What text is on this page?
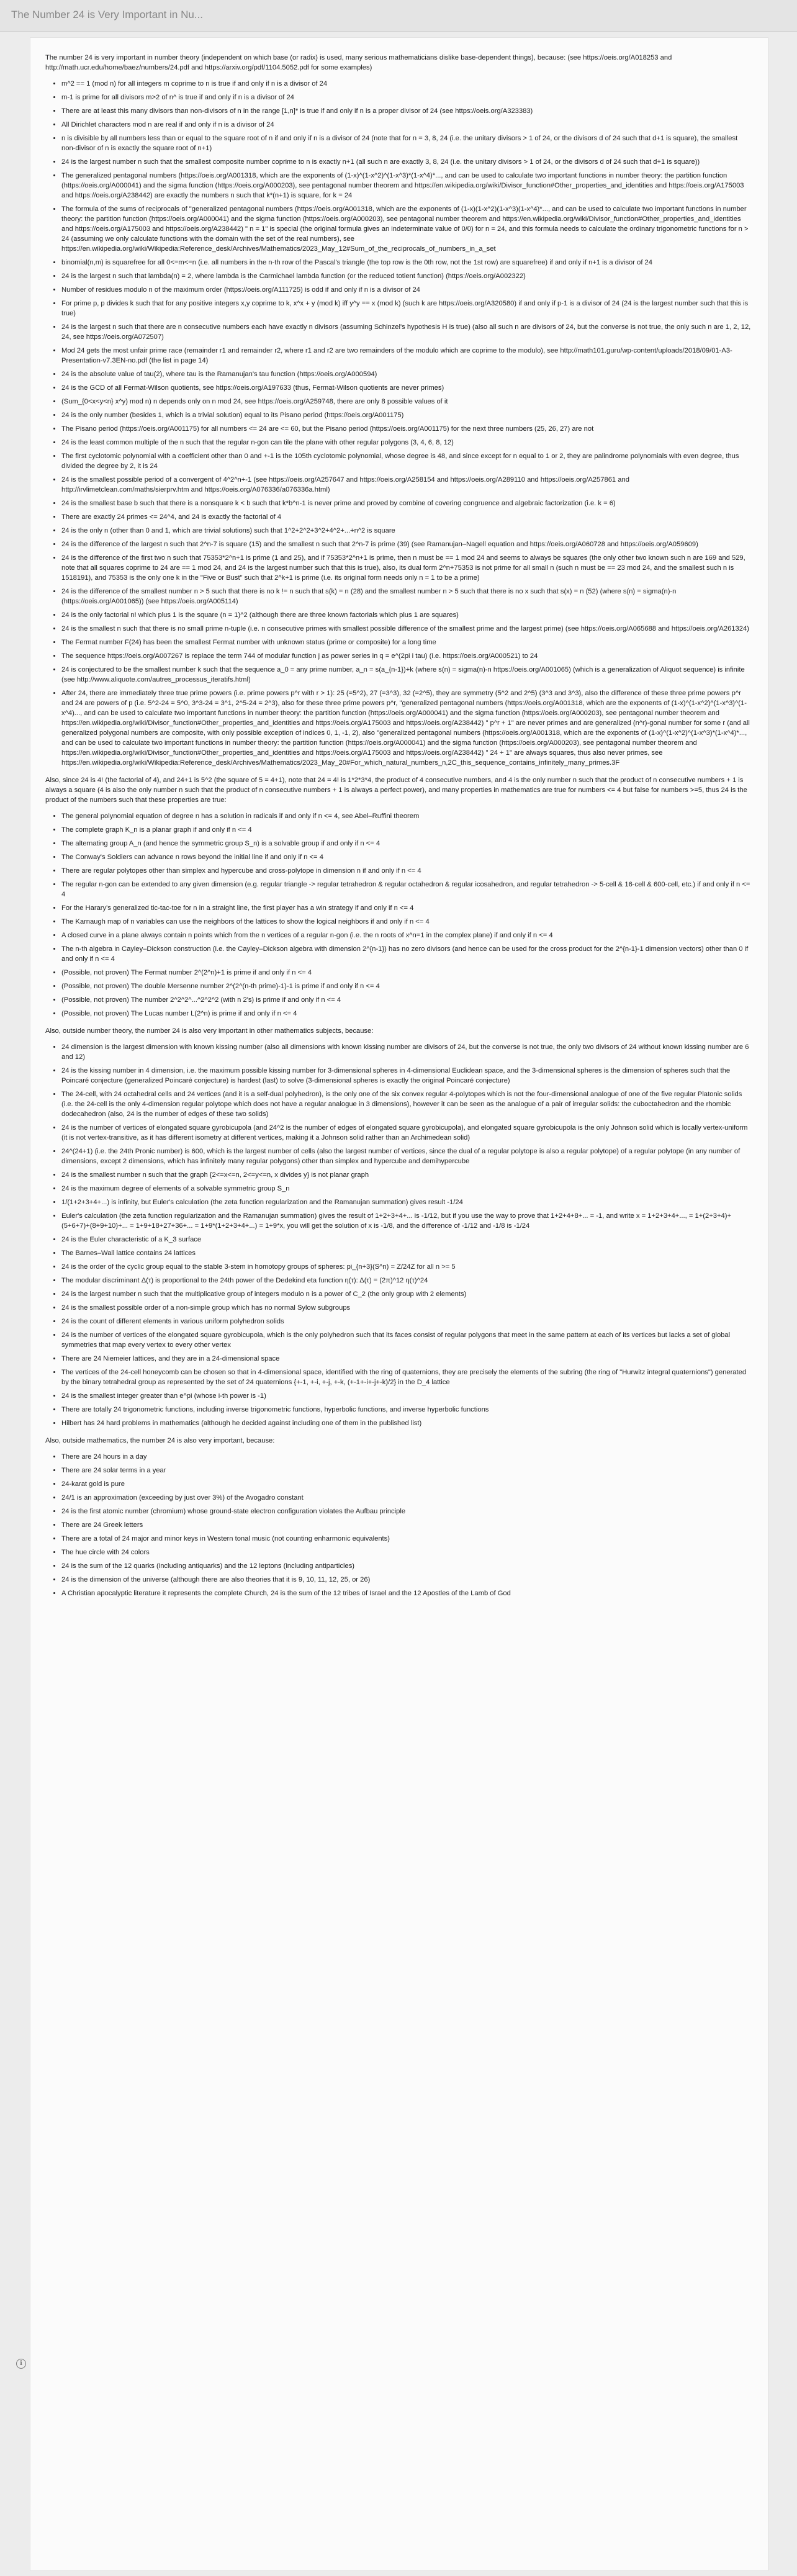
The Number 24 is Very Important in Nu...

The number 24 is very important in number theory (independent on which base (or radix) is used, many serious mathematicians dislike base-dependent things), because: (see https://oeis.org/A018253 and http://math.ucr.edu/home/baez/numbers/24.pdf and https://arxiv.org/pdf/1104.5052.pdf for some examples)

• m^2 == 1 (mod n) for all integers m coprime to n is true if and only if n is a divisor of 24
• m-1 is prime for all divisors m>2 of n^ is true if and only if n is a divisor of 24
• There are at least this many divisors than non-divisors of n in the range [1,n]* is true if and only if n is a proper divisor of 24 (see https://oeis.org/A323383)
• All Dirichlet characters mod n are real if and only if n is a divisor of 24
• n is divisible by all numbers less than or equal to the square root of n if and only if n is a divisor of 24 (note that for n = 3, 8, 24 (i.e. the unitary divisors > 1 of 24, or the divisors d of 24 such that d+1 is square), the smallest non-divisor of n is exactly the square root of n+1)
• 24 is the largest number n such that the smallest composite number coprime to n is exactly n+1 (all such n are exactly 3, 8, 24 (i.e. the unitary divisors > 1 of 24, or the divisors d of 24 such that d+1 is square))
• The generalized pentagonal numbers (https://oeis.org/A001318, which are the exponents of (1-x)^(1-x^2)^(1-x^3)*(1-x^4)*..., and can be used to calculate two important functions in number theory: the partition function (https://oeis.org/A000041) and the sigma function (https://oeis.org/A000203), see pentagonal number theorem and https://en.wikipedia.org/wiki/Divisor_function#Other_properties_and_identities and https://oeis.org/A175003 and https://oeis.org/A238442) are exactly the numbers n such that k*(n+1) is square, for k = 24
• The formula of the sums of reciprocals of "generalized pentagonal numbers (https://oeis.org/A001318, which are the exponents of (1-x)(1-x^2)(1-x^3)(1-x^4)*..., and can be used to calculate two important functions in number theory: the partition function (https://oeis.org/A000041) and the sigma function (https://oeis.org/A000203), see pentagonal number theorem and https://en.wikipedia.org/wiki/Divisor_function#Other_properties_and_identities and https://oeis.org/A175003 and https://oeis.org/A238442) " n = 1" is special (the original formula gives an indeterminate value of 0/0) for n = 24, and this formula needs to calculate the ordinary trigonometric functions for n > 24 (assuming we only calculate functions with the domain with the set of the real numbers), see https://en.wikipedia.org/wiki/Wikipedia:Reference_desk/Archives/Mathematics/2023_May_12#Sum_of_the_reciprocals_of_numbers_in_a_set
• binomial(n,m) is squarefree for all 0<=m<=n (i.e. all numbers in the n-th row of the Pascal's triangle (the top row is the 0th row, not the 1st row) are squarefree) if and only if n+1 is a divisor of 24
• 24 is the largest n such that lambda(n) = 2, where lambda is the Carmichael lambda function (or the reduced totient function) (https://oeis.org/A002322)
• Number of residues modulo n of the maximum order (https://oeis.org/A111725) is odd if and only if n is a divisor of 24
• For prime p, p divides k such that for any positive integers x,y coprime to k, x^x + y (mod k) iff y^y == x (mod k) (such k are https://oeis.org/A320580) if and only if p-1 is a divisor of 24 (24 is the largest number such that this is true)
• 24 is the largest n such that there are n consecutive numbers each have exactly n divisors (assuming Schinzel's hypothesis H is true) (also all such n are divisors of 24, but the converse is not true, the only such n are 1, 2, 12, 24, see https://oeis.org/A072507)
• Mod 24 gets the most unfair prime race (remainder r1 and remainder r2, where r1 and r2 are two remainders of the modulo which are coprime to the modulo), see http://math101.guru/wp-content/uploads/2018/09/01-A3-Presentation-v7.3EN-no.pdf (the list in page 14)
• 24 is the absolute value of tau(2), where tau is the Ramanujan's tau function (https://oeis.org/A000594)
• 24 is the GCD of all Fermat-Wilson quotients, see https://oeis.org/A197633 (thus, Fermat-Wilson quotients are never primes)
• (Sum_{0<x<y<n} x^y) mod n) n depends only on n mod 24, see https://oeis.org/A259748, there are only 8 possible values of it
• 24 is the only number (besides 1, which is a trivial solution) equal to its Pisano period (https://oeis.org/A001175)
• The Pisano period (https://oeis.org/A001175) for all numbers <= 24 are <= 60, but the Pisano period (https://oeis.org/A001175) for the next three numbers (25, 26, 27) are not
• 24 is the least common multiple of the n such that the regular n-gon can tile the plane with other regular polygons (3, 4, 6, 8, 12)
• The first cyclotomic polynomial with a coefficient other than 0 and +-1 is the 105th cyclotomic polynomial, whose degree is 48, and since except for n equal to 1 or 2, they are palindrome polynomials with even degree, thus divided the degree by 2, it is 24
• 24 is the smallest possible period of a convergent of 4^2^n+-1 (see https://oeis.org/A257647 and https://oeis.org/A258154 and https://oeis.org/A289110 and https://oeis.org/A257861 and http://irvlimetclean.com/maths/sierprv.htm and https://oeis.org/A076336/a076336a.html)
• 24 is the smallest base b such that there is a nonsquare k < b such that k*b^n-1 is never prime and proved by combine of covering congruence and algebraic factorization (i.e. k = 6)
• There are exactly 24 primes <= 24^4, and 24 is exactly the factorial of 4
• 24 is the only n (other than 0 and 1, which are trivial solutions) such that 1^2+2^2+3^2+4^2+...+n^2 is square
• 24 is the difference of the largest n such that 2^n-7 is square (15) and the smallest n such that 2^n-7 is prime (39) (see Ramanujan–Nagell equation and https://oeis.org/A060728 and https://oeis.org/A059609)
• 24 is the difference of the first two n such that 75353*2^n+1 is prime (1 and 25), and if 75353*2^n+1 is prime, then n must be == 1 mod 24 and seems to always be squares (the only other two known such n are 169 and 529, note that all squares coprime to 24 are == 1 mod 24, and 24 is the largest number such that this is true), also, its dual form 2^n+75353 is not prime for all small n (such n must be == 23 mod 24, and the smallest such n is 1518191), and 75353 is the only one k in the "Five or Bust" such that 2^k+1 is prime (i.e. its original form needs only n = 1 to be a prime)
• 24 is the difference of the smallest number n > 5 such that there is no k != n such that s(k) = n (28) and the smallest number n > 5 such that there is no x such that s(x) = n (52) (where s(n) = sigma(n)-n (https://oeis.org/A001065)) (see https://oeis.org/A005114)
• 24 is the only factorial n! which plus 1 is the square (n = 1)^2 (although there are three known factorials which plus 1 are squares)
• 24 is the smallest n such that there is no small prime n-tuple (i.e. n consecutive primes with smallest possible difference of the smallest prime and the largest prime) (see https://oeis.org/A065688 and https://oeis.org/A261324)
• The Fermat number F(24) has been the smallest Fermat number with unknown status (prime or composite) for a long time
• The sequence https://oeis.org/A007267 is replace the term 744 of modular function j as power series in q = e^(2pi i tau) (i.e. https://oeis.org/A000521) to 24
• 24 is conjectured to be the smallest number k such that the sequence a_0 = any prime number, a_n = s(a_{n-1})+k (where s(n) = sigma(n)-n https://oeis.org/A001065) (which is a generalization of Aliquot sequence) is infinite (see http://www.aliquote.com/autres_processus_iteratifs.html)
• After 24, there are immediately three true prime powers (i.e. prime powers p^r with r > 1): 25 (=5^2), 27 (=3^3), 32 (=2^5), they are symmetry (5^2 and 2^5) (3^3 and 3^3), also the difference of these three prime powers p^r and 24 are powers of p (i.e. 5^2-24 = 5^0, 3^3-24 = 3^1, 2^5-24 = 2^3), also for these three prime powers p^r, "generalized pentagonal numbers (https://oeis.org/A001318, which are the exponents of (1-x)^(1-x^2)^(1-x^3)^(1-x^4)..., and can be used to calculate two important functions in number theory: the partition function (https://oeis.org/A000041) and the sigma function (https://oeis.org/A000203), see pentagonal number theorem and https://en.wikipedia.org/wiki/Divisor_function#Other_properties_and_identities and https://oeis.org/A175003 and https://oeis.org/A238442) " p^r + 1" are never primes and are generalized (n^r)-gonal number for some r (and all generalized polygonal numbers are composite, with only possible exception of indices 0, 1, -1, 2), also "generalized pentagonal numbers (https://oeis.org/A001318, which are the exponents of (1-x)^(1-x^2)^(1-x^3)*(1-x^4)*..., and can be used to calculate two important functions in number theory: the partition function (https://oeis.org/A000041) and the sigma function (https://oeis.org/A000203), see pentagonal number theorem and https://en.wikipedia.org/wiki/Divisor_function#Other_properties_and_identities and https://oeis.org/A175003 and https://oeis.org/A238442) " 24 + 1" are always squares, thus also never primes, see https://en.wikipedia.org/wiki/Wikipedia:Reference_desk/Archives/Mathematics/2023_May_20#For_which_natural_numbers_n,2C_this_sequence_contains_infinitely_many_primes.3F

Also, since 24 is 4! (the factorial of 4), and 24+1 is 5^2 (the square of 5 = 4+1), note that 24 = 4! is 1*2*3*4, the product of 4 consecutive numbers, and 4 is the only number n such that the product of n consecutive numbers + 1 is always a square (4 is also the only number n such that the product of n consecutive numbers + 1 is always a perfect power), and many properties in mathematics are true for numbers <= 4 but false for numbers >=5, thus 24 is the product of the numbers such that these properties are true:

• The general polynomial equation of degree n has a solution in radicals if and only if n <= 4, see Abel–Ruffini theorem
• The complete graph K_n is a planar graph if and only if n <= 4
• The alternating group A_n (and hence the symmetric group S_n) is a solvable group if and only if n <= 4
• The Conway's Soldiers can advance n rows beyond the initial line if and only if n <= 4
• There are regular polytopes other than simplex and hypercube and cross-polytope in dimension n if and only if n <= 4
• The regular n-gon can be extended to any given dimension (e.g. regular triangle -> regular tetrahedron & regular octahedron & regular icosahedron, and regular tetrahedron -> 5-cell & 16-cell & 600-cell, etc.) if and only if n <= 4
• For the Harary's generalized tic-tac-toe for n in a straight line, the first player has a win strategy if and only if n <= 4
• The Karnaugh map of n variables can use the neighbors of the lattices to show the logical neighbors if and only if n <= 4
• A closed curve in a plane always contain n points which from the n vertices of a regular n-gon (i.e. the n roots of x^n=1 in the complex plane) if and only if n <= 4
• The n-th algebra in Cayley–Dickson construction (i.e. the Cayley–Dickson algebra with dimension 2^{n-1}) has no zero divisors (and hence can be used for the cross product for the 2^{n-1}-1 dimension vectors) other than 0 if and only if n <= 4
• (Possible, not proven) The Fermat number 2^(2^n)+1 is prime if and only if n <= 4
• (Possible, not proven) The double Mersenne number 2^(2^(n-th prime)-1)-1 is prime if and only if n <= 4
• (Possible, not proven) The number 2^2^2^...^2^2^2 (with n 2's) is prime if and only if n <= 4
• (Possible, not proven) The Lucas number L(2^n) is prime if and only if n <= 4

Also, outside number theory, the number 24 is also very important in other mathematics subjects, because:

• 24 dimension is the largest dimension with known kissing number (also all dimensions with known kissing number are divisors of 24, but the converse is not true, the only two divisors of 24 without known kissing number are 6 and 12)
• 24 is the kissing number in 4 dimension, i.e. the maximum possible kissing number for 3-dimensional spheres in 4-dimensional Euclidean space, and the 3-dimensional spheres is the dimension of spheres such that the Poincaré conjecture (generalized Poincaré conjecture) is hardest (last) to solve (3-dimensional spheres is exactly the original Poincaré conjecture)
• The 24-cell, with 24 octahedral cells and 24 vertices (and it is a self-dual polyhedron), is the only one of the six convex regular 4-polytopes which is not the four-dimensional analogue of one of the five regular Platonic solids (i.e. the 24-cell is the only 4-dimension regular polytope which does not have a regular analogue in 3 dimensions), however it can be seen as the analogue of a pair of irregular solids: the cuboctahedron and the rhombic dodecahedron (also, 24 is the number of edges of these two solids)
• 24 is the number of vertices of elongated square gyrobicupola (and 24^2 is the number of edges of elongated square gyrobicupola), and elongated square gyrobicupola is the only Johnson solid which is locally vertex-uniform (it is not vertex-transitive, as it has different isometry at different vertices, making it a Johnson solid rather than an Archimedean solid)
• 24^(24+1) (i.e. the 24th Pronic number) is 600, which is the largest number of cells (also the largest number of vertices, since the dual of a regular polytope is also a regular polytope) of a regular polytope (in any number of dimensions, except 2 dimensions, which has infinitely many regular polygons) other than simplex and hypercube and demihypercube
• 24 is the smallest number n such that the graph {2<=x<=n, 2<=y<=n, x divides y} is not planar graph
• 24 is the maximum degree of elements of a solvable symmetric group S_n
• 1/(1+2+3+4+...) is infinity, but Euler's calculation (the zeta function regularization and the Ramanujan summation) gives result -1/24
• Euler's calculation (the zeta function regularization and the Ramanujan summation) gives the result of 1+2+3+4+... is -1/12, but if you use the way to prove that 1+2+4+8+... = -1, and write x = 1+2+3+4+..., = 1+(2+3+4)+(5+6+7)+(8+9+10)+... = 1+9+18+27+36+... = 1+9*(1+2+3+4+...) = 1+9*x, you will get the solution of x is -1/8, and the difference of -1/12 and -1/8 is -1/24
• 24 is the Euler characteristic of a K_3 surface
• The Barnes–Wall lattice contains 24 lattices
• 24 is the order of the cyclic group equal to the stable 3-stem in homotopy groups of spheres: pi_{n+3}(S^n) = Z/24Z for all n >= 5
• The modular discriminant Δ(τ) is proportional to the 24th power of the Dedekind eta function η(τ): Δ(τ) = (2π)^12 η(τ)^24
• 24 is the largest number n such that the multiplicative group of integers modulo n is a power of C_2 (the only group with 2 elements)
• 24 is the smallest possible order of a non-simple group which has no normal Sylow subgroups
• 24 is the count of different elements in various uniform polyhedron solids
• 24 is the number of vertices of the elongated square gyrobicupola, which is the only polyhedron such that its faces consist of regular polygons that meet in the same pattern at each of its vertices but lacks a set of global symmetries that map every vertex to every other vertex
• There are 24 Niemeier lattices, and they are in a 24-dimensional space
• The vertices of the 24-cell honeycomb can be chosen so that in 4-dimensional space, identified with the ring of quaternions, they are precisely the elements of the subring (the ring of "Hurwitz integral quaternions") generated by the binary tetrahedral group as represented by the set of 24 quaternions {+-1, +-i, +-j, +-k, (+-1+-i+-j+-k)/2} in the D_4 lattice
• 24 is the smallest integer greater than e^pi (whose i-th power is -1)
• There are totally 24 trigonometric functions, including inverse trigonometric functions, hyperbolic functions, and inverse hyperbolic functions
• Hilbert has 24 hard problems in mathematics (although he decided against including one of them in the published list)

Also, outside mathematics, the number 24 is also very important, because:

• There are 24 hours in a day
• There are 24 solar terms in a year
• 24-karat gold is pure
• 24/1 is an approximation (exceeding by just over 3%) of the Avogadro constant
• 24 is the first atomic number (chromium) whose ground-state electron configuration violates the Aufbau principle
• There are 24 Greek letters
• There are a total of 24 major and minor keys in Western tonal music (not counting enharmonic equivalents)
• The hue circle with 24 colors
• 24 is the sum of the 12 quarks (including antiquarks) and the 12 leptons (including antiparticles)
• 24 is the dimension of the universe (although there are also theories that it is 9, 10, 11, 12, 25, or 26)
• A Christian apocalyptic literature it represents the complete Church, 24 is the sum of the 12 tribes of Israel and the 12 Apostles of the Lamb of God
i
